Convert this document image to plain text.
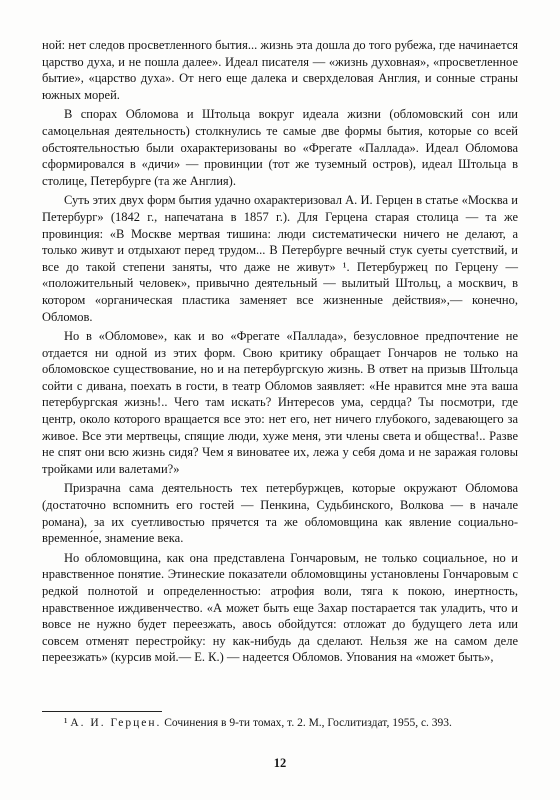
ной: нет следов просветленного бытия... жизнь эта дошла до того рубежа, где начинается царство духа, и не пошла далее». Идеал писателя — «жизнь духовная», «просветленное бытие», «царство духа». От него еще далека и сверхделовая Англия, и сонные страны южных морей.

В спорах Обломова и Штольца вокруг идеала жизни (обломовский сон или самоцельная деятельность) столкнулись те самые две формы бытия, которые со всей обстоятельностью были охарактеризованы во «Фрегате «Паллада». Идеал Обломова сформировался в «дичи» — провинции (тот же туземный остров), идеал Штольца в столице, Петербурге (та же Англия).

Суть этих двух форм бытия удачно охарактеризовал А. И. Герцен в статье «Москва и Петербург» (1842 г., напечатана в 1857 г.). Для Герцена старая столица — та же провинция: «В Москве мертвая тишина: люди систематически ничего не делают, а только живут и отдыхают перед трудом... В Петербурге вечный стук суеты суетствий, и все до такой степени заняты, что даже не живут» ¹. Петербуржец по Герцену — «положительный человек», привычно деятельный — вылитый Штольц, а москвич, в котором «органическая пластика заменяет все жизненные действия»,— конечно, Обломов.

Но в «Обломове», как и во «Фрегате «Паллада», безусловное предпочтение не отдается ни одной из этих форм. Свою критику обращает Гончаров не только на обломовское существование, но и на петербургскую жизнь. В ответ на призыв Штольца сойти с дивана, поехать в гости, в театр Обломов заявляет: «Не нравится мне эта ваша петербургская жизнь!.. Чего там искать? Интересов ума, сердца? Ты посмотри, где центр, около которого вращается все это: нет его, нет ничего глубокого, задевающего за живое. Все эти мертвецы, спящие люди, хуже меня, эти члены света и общества!.. Разве не спят они всю жизнь сидя? Чем я виноватее их, лежа у себя дома и не заражая головы тройками или валетами?»

Призрачна сама деятельность тех петербуржцев, которые окружают Обломова (достаточно вспомнить его гостей — Пенкина, Судьбинского, Волкова — в начале романа), за их суетливостью прячется та же обломовщина как явление социально-временно́е, знамение века.

Но обломовщина, как она представлена Гончаровым, не только социальное, но и нравственное понятие. Этинеские показатели обломовщины установлены Гончаровым с редкой полнотой и определенностью: атрофия воли, тяга к покою, инертность, нравственное иждивенчество. «А может быть еще Захар постарается так уладить, что и вовсе не нужно будет переезжать, авось обойдутся: отложат до будущего лета или совсем отменят перестройку: ну как-нибудь да сделают. Нельзя же на самом деле переезжать» (курсив мой.— Е. К.) — надеется Обломов. Упования на «может быть»,

¹ А. И. Герцен. Сочинения в 9-ти томах, т. 2. М., Гослитиздат, 1955, с. 393.

12
